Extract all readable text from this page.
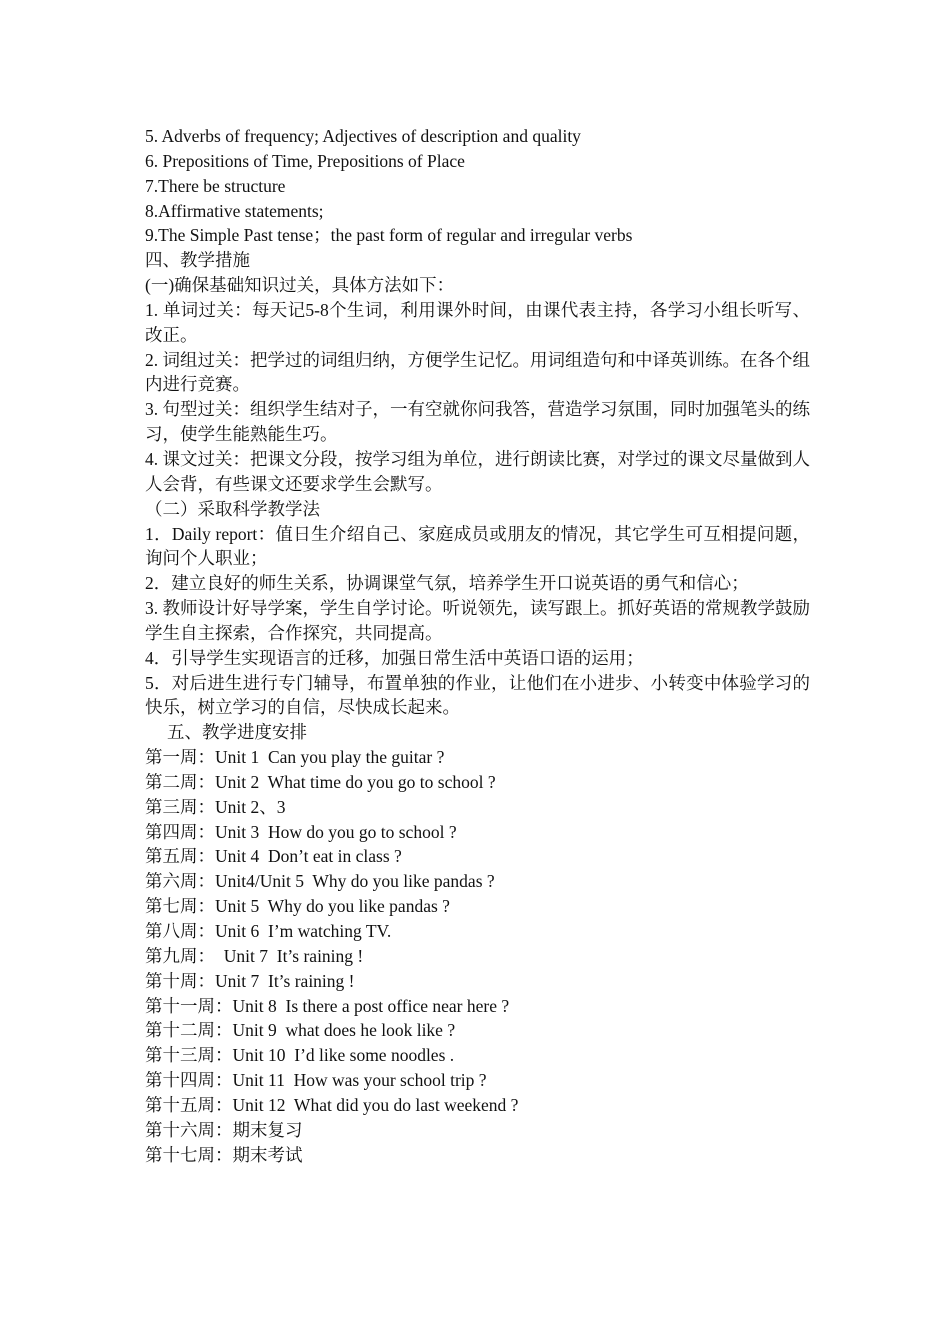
5. Adverbs of frequency; Adjectives of description and quality
6. Prepositions of Time, Prepositions of Place
7.There be structure
8.Affirmative statements;
9.The Simple Past tense；the past form of regular and irregular verbs
四、教学措施
(一)确保基础知识过关，具体方法如下：
1. 单词过关：每天记5-8个生词，利用课外时间，由课代表主持，各学习小组长听写、改正。
2. 词组过关：把学过的词组归纳，方便学生记忆。用词组造句和中译英训练。在各个组内进行竞赛。
3. 句型过关：组织学生结对子，一有空就你问我答，营造学习氛围，同时加强笔头的练习，使学生能熟能生巧。
4. 课文过关：把课文分段，按学习组为单位，进行朗读比赛，对学过的课文尽量做到人人会背，有些课文还要求学生会默写。
（二）采取科学教学法
1．Daily report：值日生介绍自己、家庭成员或朋友的情况，其它学生可互相提问题，询问个人职业；
2．建立良好的师生关系，协调课堂气氛，培养学生开口说英语的勇气和信心；
3. 教师设计好导学案，学生自学讨论。听说领先，读写跟上。抓好英语的常规教学鼓励学生自主探索，合作探究，共同提高。
4．引导学生实现语言的迁移，加强日常生活中英语口语的运用；
5．对后进生进行专门辅导，布置单独的作业，让他们在小进步、小转变中体验学习的快乐，树立学习的自信，尽快成长起来。
五、教学进度安排
第一周：Unit 1  Can you play the guitar ?
第二周：Unit 2  What time do you go to school ?
第三周：Unit 2、3
第四周：Unit 3  How do you go to school ?
第五周：Unit 4  Don’t eat in class ?
第六周：Unit4/Unit 5  Why do you like pandas ?
第七周：Unit 5  Why do you like pandas ?
第八周：Unit 6  I’m watching TV.
第九周：  Unit 7  It’s raining !
第十周：Unit 7  It’s raining !
第十一周：Unit 8  Is there a post office near here ?
第十二周：Unit 9  what does he look like ?
第十三周：Unit 10  I’d like some noodles .
第十四周：Unit 11  How was your school trip ?
第十五周：Unit 12  What did you do last weekend ?
第十六周：期末复习
第十七周：期末考试
